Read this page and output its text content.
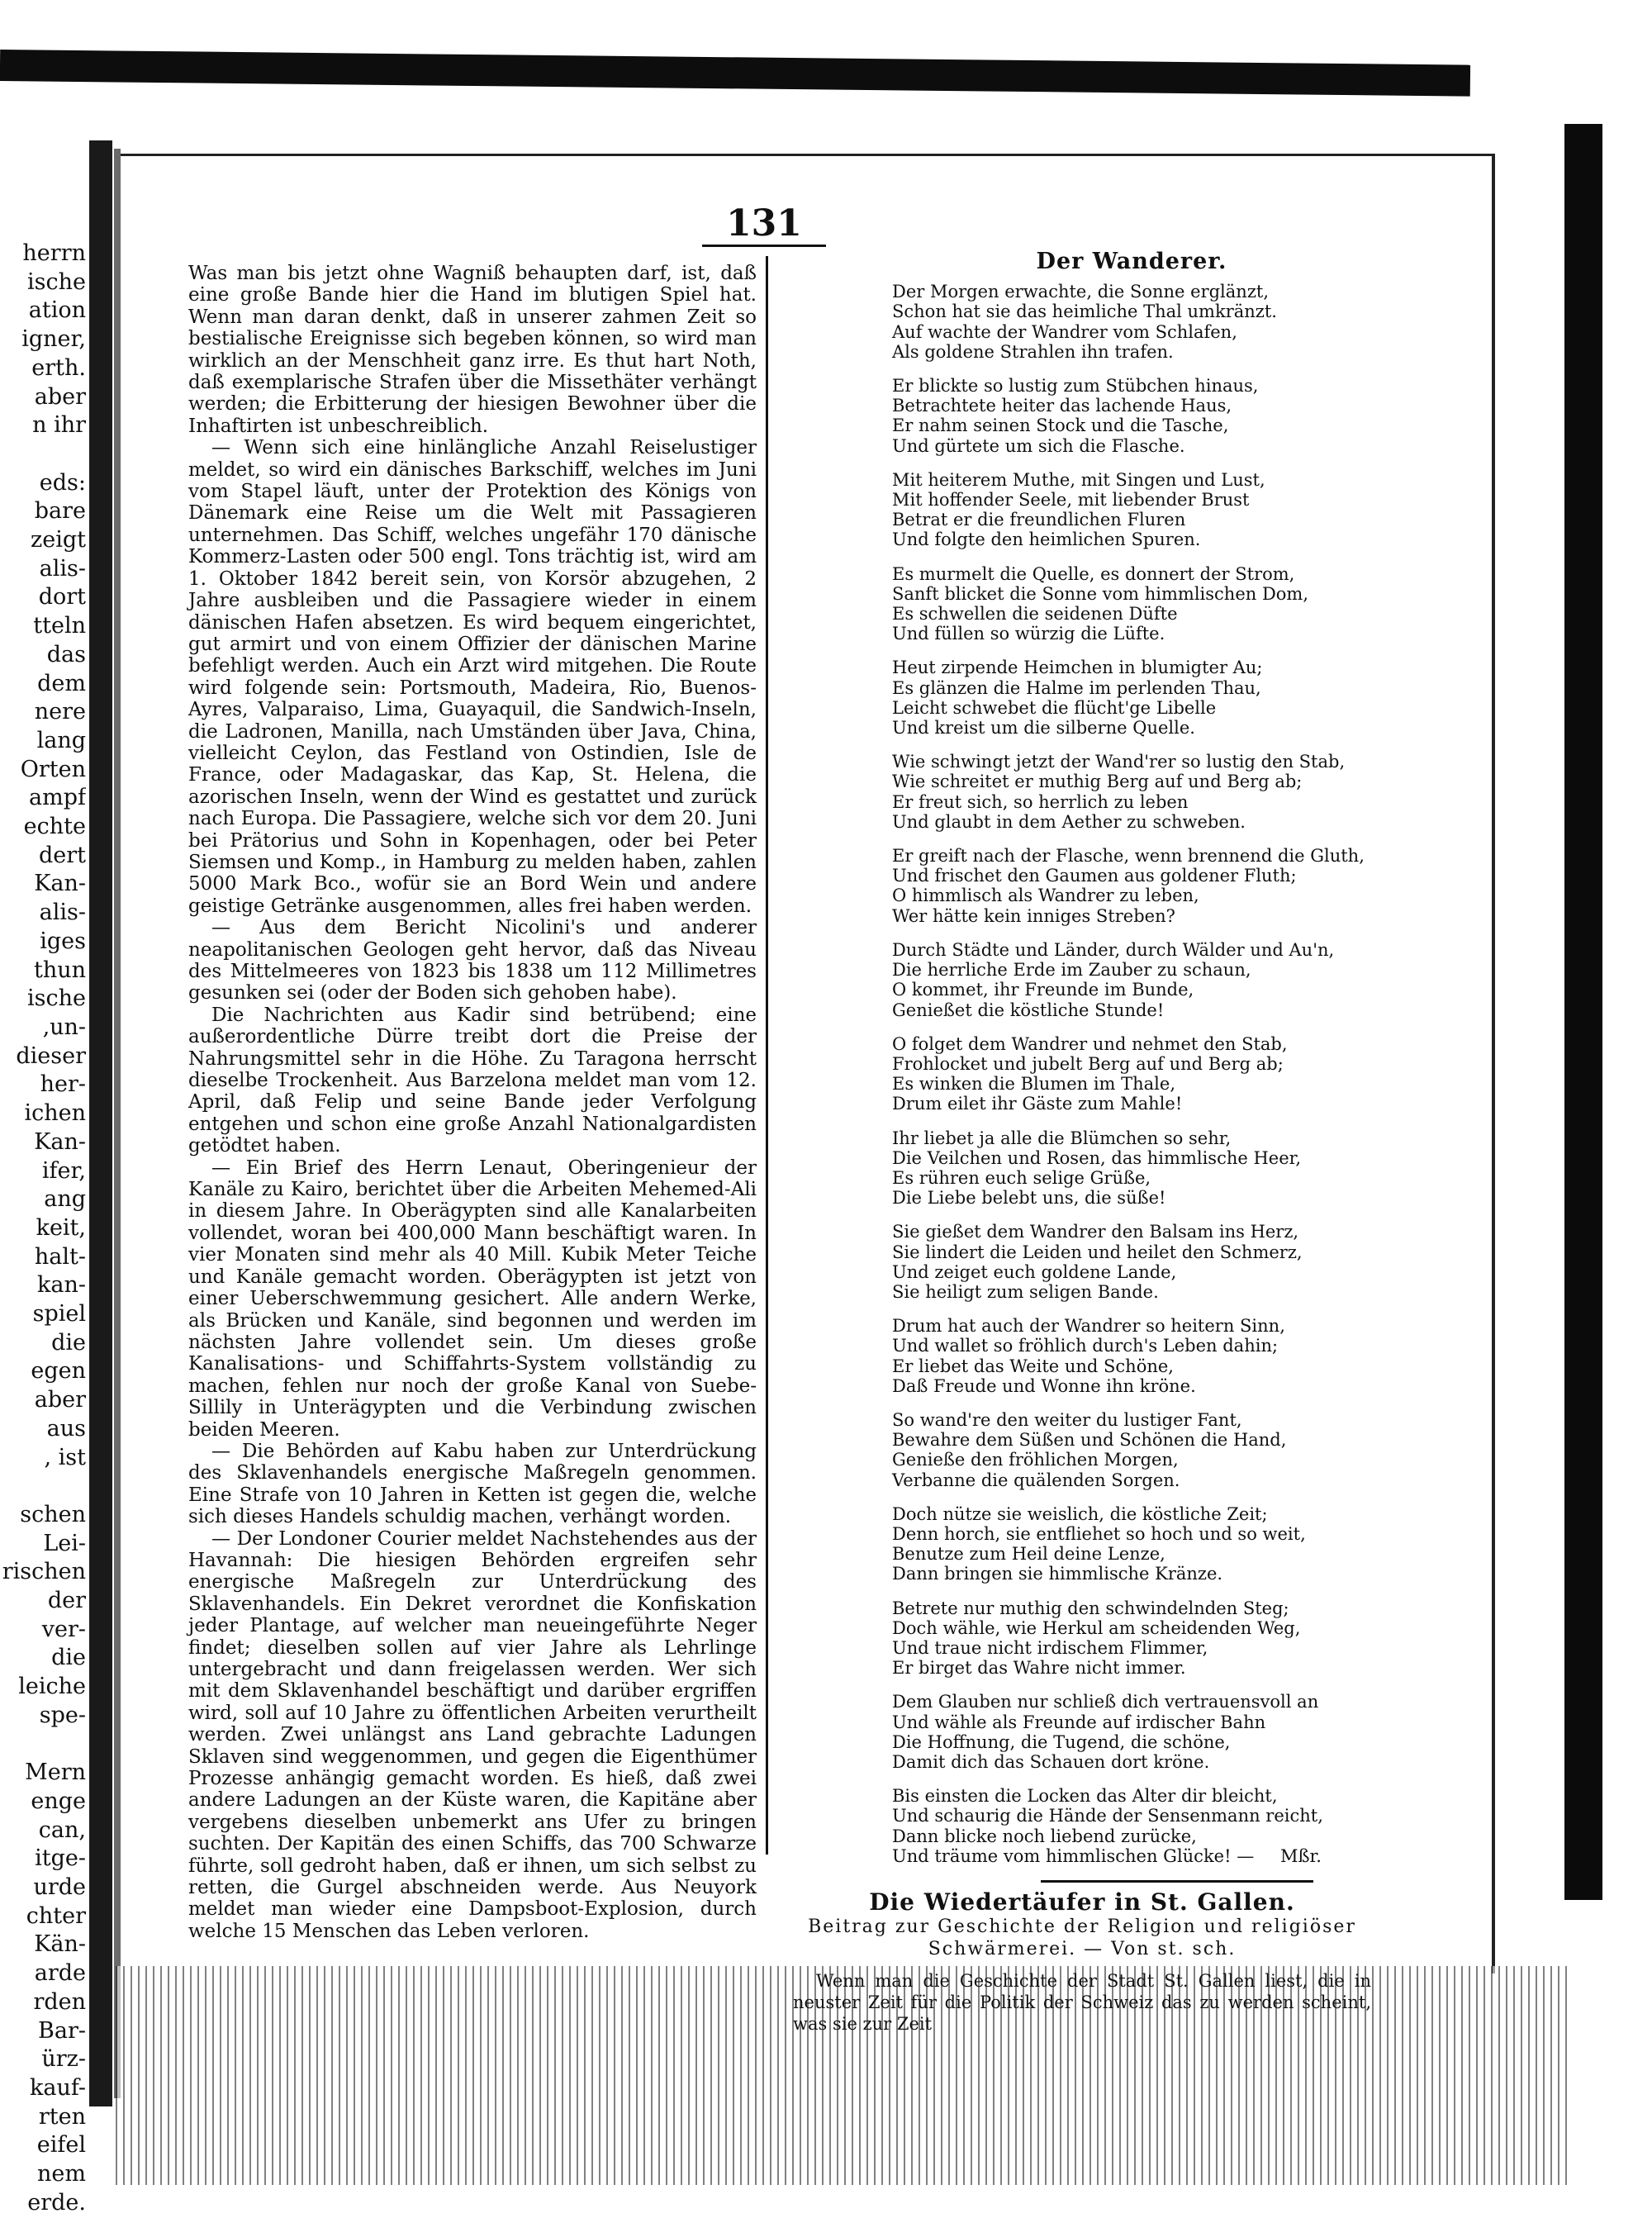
herrn
ische
ation
igner,
erth.
aber
n ihr

eds:
bare
zeigt
alis-
dort
tteln
das
dem
nere
lang
Orten
ampf
echte
dert
Kan-
alis-
iges
thun
ische
‚un-
dieser
her-
ichen
Kan-
ifer,
ang
keit,
halt-
kan-
spiel
die
egen
aber
aus
, ist

schen
Lei-
rischen
der
ver-
die
leiche
spe-

Mern
enge
can,
itge-
urde
chter
Kän-
arde
rden
Bar-
ürz-
kauf-
rten
eifel
nem
erde.
131

Was man bis jetzt ohne Wagniß behaupten darf, ist, daß eine große Bande hier die Hand im blutigen Spiel hat. Wenn man daran denkt, daß in unserer zahmen Zeit so bestialische Ereignisse sich begeben können, so wird man wirklich an der Menschheit ganz irre. Es thut hart Noth, daß exemplarische Strafen über die Missethäter verhängt werden; die Erbitterung der hiesigen Bewohner über die Inhaftirten ist unbeschreiblich.

— Wenn sich eine hinlängliche Anzahl Reiselustiger meldet, so wird ein dänisches Barkschiff, welches im Juni vom Stapel läuft, unter der Protektion des Königs von Dänemark eine Reise um die Welt mit Passagieren unternehmen. Das Schiff, welches ungefähr 170 dänische Kommerz-Lasten oder 500 engl. Tons trächtig ist, wird am 1. Oktober 1842 bereit sein, von Korsör abzugehen, 2 Jahre ausbleiben und die Passagiere wieder in einem dänischen Hafen absetzen. Es wird bequem eingerichtet, gut armirt und von einem Offizier der dänischen Marine befehligt werden. Auch ein Arzt wird mitgehen. Die Route wird folgende sein: Portsmouth, Madeira, Rio, Buenos-Ayres, Valparaiso, Lima, Guayaquil, die Sandwich-Inseln, die Ladronen, Manilla, nach Umständen über Java, China, vielleicht Ceylon, das Festland von Ostindien, Isle de France, oder Madagaskar, das Kap, St. Helena, die azorischen Inseln, wenn der Wind es gestattet und zurück nach Europa. Die Passagiere, welche sich vor dem 20. Juni bei Prätorius und Sohn in Kopenhagen, oder bei Peter Siemsen und Komp., in Hamburg zu melden haben, zahlen 5000 Mark Bco., wofür sie an Bord Wein und andere geistige Getränke ausgenommen, alles frei haben werden.

— Aus dem Bericht Nicolini's und anderer neapolitanischen Geologen geht hervor, daß das Niveau des Mittelmeeres von 1823 bis 1838 um 112 Millimetres gesunken sei (oder der Boden sich gehoben habe).

Die Nachrichten aus Kadir sind betrübend; eine außerordentliche Dürre treibt dort die Preise der Nahrungsmittel sehr in die Höhe. Zu Taragona herrscht dieselbe Trockenheit. Aus Barzelona meldet man vom 12. April, daß Felip und seine Bande jeder Verfolgung entgehen und schon eine große Anzahl Nationalgardisten getödtet haben.

— Ein Brief des Herrn Lenaut, Oberingenieur der Kanäle zu Kairo, berichtet über die Arbeiten Mehemed-Ali in diesem Jahre. In Oberägypten sind alle Kanalarbeiten vollendet, woran bei 400,000 Mann beschäftigt waren. In vier Monaten sind mehr als 40 Mill. Kubik Meter Teiche und Kanäle gemacht worden. Oberägypten ist jetzt von einer Ueberschwemmung gesichert. Alle andern Werke, als Brücken und Kanäle, sind begonnen und werden im nächsten Jahre vollendet sein. Um dieses große Kanalisations- und Schiffahrts-System vollständig zu machen, fehlen nur noch der große Kanal von Suebe-Sillily in Unterägypten und die Verbindung zwischen beiden Meeren.

— Die Behörden auf Kabu haben zur Unterdrückung des Sklavenhandels energische Maßregeln genommen. Eine Strafe von 10 Jahren in Ketten ist gegen die, welche sich dieses Handels schuldig machen, verhängt worden.

— Der Londoner Courier meldet Nachstehendes aus der Havannah: Die hiesigen Behörden ergreifen sehr energische Maßregeln zur Unterdrückung des Sklavenhandels. Ein Dekret verordnet die Konfiskation jeder Plantage, auf welcher man neueingeführte Neger findet; dieselben sollen auf vier Jahre als Lehrlinge untergebracht und dann freigelassen werden. Wer sich mit dem Sklavenhandel beschäftigt und darüber ergriffen wird, soll auf 10 Jahre zu öffentlichen Arbeiten verurtheilt werden. Zwei unlängst ans Land gebrachte Ladungen Sklaven sind weggenommen, und gegen die Eigenthümer Prozesse anhängig gemacht worden. Es hieß, daß zwei andere Ladungen an der Küste waren, die Kapitäne aber vergebens dieselben unbemerkt ans Ufer zu bringen suchten. Der Kapitän des einen Schiffs, das 700 Schwarze führte, soll gedroht haben, daß er ihnen, um sich selbst zu retten, die Gurgel abschneiden werde. Aus Neuyork meldet man wieder eine Dampsboot-Explosion, durch welche 15 Menschen das Leben verloren.

Der Wanderer.
Der Morgen erwachte, die Sonne erglänzt,
Schon hat sie das heimliche Thal umkränzt.
Auf wachte der Wandrer vom Schlafen,
Als goldene Strahlen ihn trafen.
Er blickte so lustig zum Stübchen hinaus,
Betrachtete heiter das lachende Haus,
Er nahm seinen Stock und die Tasche,
Und gürtete um sich die Flasche.
Mit heiterem Muthe, mit Singen und Lust,
Mit hoffender Seele, mit liebender Brust
Betrat er die freundlichen Fluren
Und folgte den heimlichen Spuren.
Es murmelt die Quelle, es donnert der Strom,
Sanft blicket die Sonne vom himmlischen Dom,
Es schwellen die seidenen Düfte
Und füllen so würzig die Lüfte.
Heut zirpende Heimchen in blumigter Au;
Es glänzen die Halme im perlenden Thau,
Leicht schwebet die flücht'ge Libelle
Und kreist um die silberne Quelle.
Wie schwingt jetzt der Wand'rer so lustig den Stab,
Wie schreitet er muthig Berg auf und Berg ab;
Er freut sich, so herrlich zu leben
Und glaubt in dem Aether zu schweben.
Er greift nach der Flasche, wenn brennend die Gluth,
Und frischet den Gaumen aus goldener Fluth;
O himmlisch als Wandrer zu leben,
Wer hätte kein inniges Streben?
Durch Städte und Länder, durch Wälder und Au'n,
Die herrliche Erde im Zauber zu schaun,
O kommet, ihr Freunde im Bunde,
Genießet die köstliche Stunde!
O folget dem Wandrer und nehmet den Stab,
Frohlocket und jubelt Berg auf und Berg ab;
Es winken die Blumen im Thale,
Drum eilet ihr Gäste zum Mahle!
Ihr liebet ja alle die Blümchen so sehr,
Die Veilchen und Rosen, das himmlische Heer,
Es rühren euch selige Grüße,
Die Liebe belebt uns, die süße!
Sie gießet dem Wandrer den Balsam ins Herz,
Sie lindert die Leiden und heilet den Schmerz,
Und zeiget euch goldene Lande,
Sie heiligt zum seligen Bande.
Drum hat auch der Wandrer so heitern Sinn,
Und wallet so fröhlich durch's Leben dahin;
Er liebet das Weite und Schöne,
Daß Freude und Wonne ihn kröne.
So wand're den weiter du lustiger Fant,
Bewahre dem Süßen und Schönen die Hand,
Genieße den fröhlichen Morgen,
Verbanne die quälenden Sorgen.
Doch nütze sie weislich, die köstliche Zeit;
Denn horch, sie entfliehet so hoch und so weit,
Benutze zum Heil deine Lenze,
Dann bringen sie himmlische Kränze.
Betrete nur muthig den schwindelnden Steg;
Doch wähle, wie Herkul am scheidenden Weg,
Und traue nicht irdischem Flimmer,
Er birget das Wahre nicht immer.
Dem Glauben nur schließ dich vertrauensvoll an
Und wähle als Freunde auf irdischer Bahn
Die Hoffnung, die Tugend, die schöne,
Damit dich das Schauen dort kröne.
Bis einsten die Locken das Alter dir bleicht,
Und schaurig die Hände der Sensenmann reicht,
Dann blicke noch liebend zurücke,
Und träume vom himmlischen Glücke! — Mßr.
Die Wiedertäufer in St. Gallen.
Beitrag zur Geschichte der Religion und religiöser
Schwärmerei. — Von st. sch.
Wenn man die Geschichte der Stadt St. Gallen liest, die in neuster Zeit für die Politik der Schweiz das zu werden scheint, was sie zur Zeit
